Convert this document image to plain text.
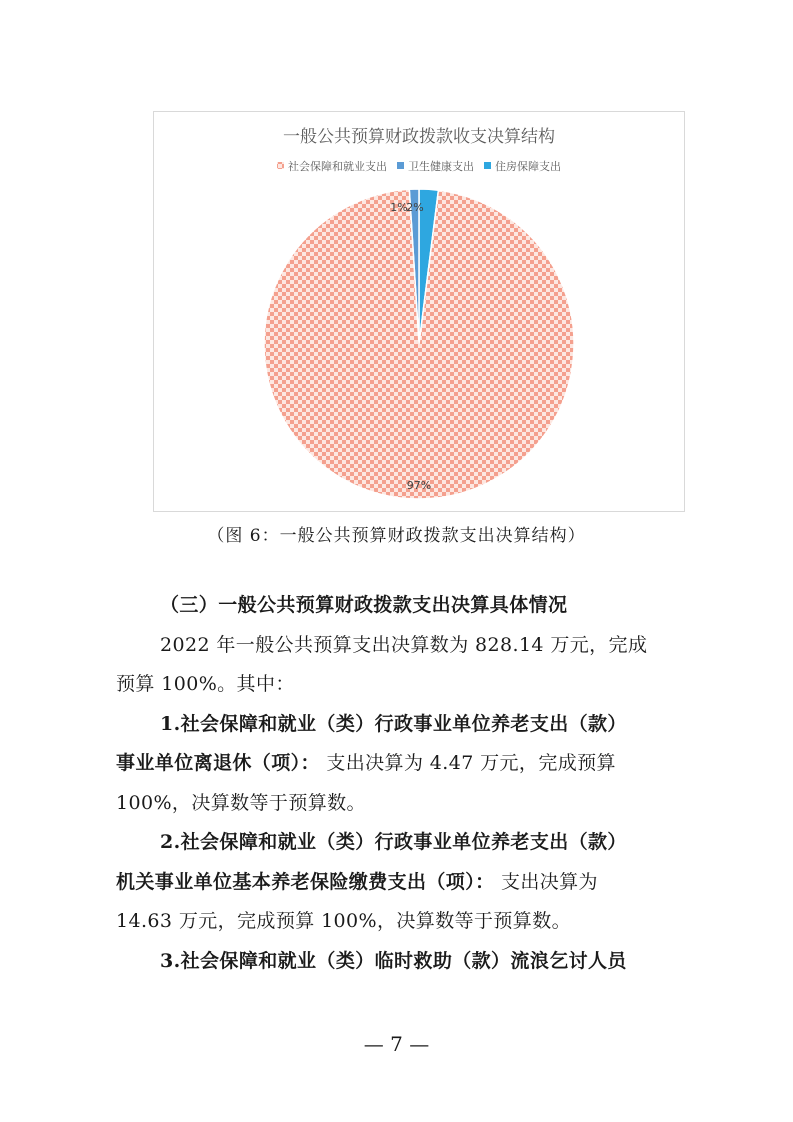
一般公共预算财政拨款收支决算结构
社会保障和就业支出 卫生健康支出 住房保障支出
97%
1%
2%
（图 6：一般公共预算财政拨款支出决算结构）

（三）一般公共预算财政拨款支出决算具体情况

2022 年一般公共预算支出决算数为 828.14 万元，完成

预算 100%。其中：

1.社会保障和就业（类）行政事业单位养老支出（款）

事业单位离退休（项）： 支出决算为 4.47 万元，完成预算

100%，决算数等于预算数。

2.社会保障和就业（类）行政事业单位养老支出（款）

机关事业单位基本养老保险缴费支出（项）： 支出决算为

14.63 万元，完成预算 100%，决算数等于预算数。

3.社会保障和就业（类）临时救助（款）流浪乞讨人员

— 7 —
